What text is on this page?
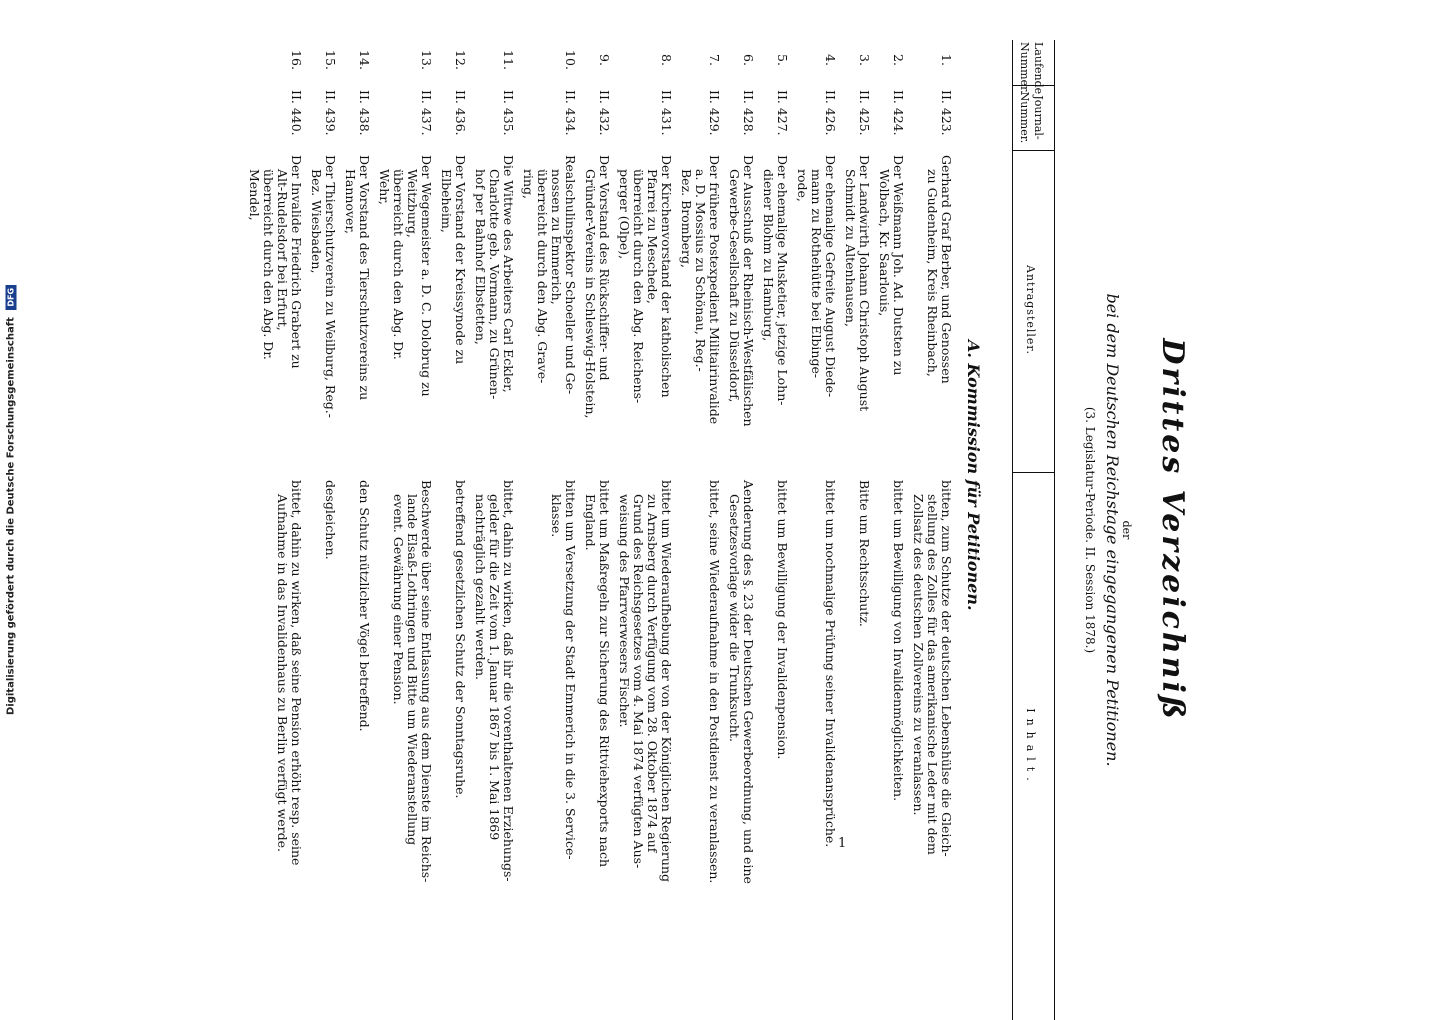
Digitalisierung gefördert durch die Deutsche Forschungsgemeinschaft DFG
1
Drittes Verzeichniß
der
bei dem Deutschen Reichstage eingegangenen Petitionen.
(3. Legislatur-Periode. II. Session 1878.)
Laufende
Nummer.
Journal-
Nummer.
Antragsteller.
Inhalt.
A. Kommission für Petitionen.
1.
II. 423.
Gerhard Graf Berber, und Genossen
zu Gudenheim, Kreis Rheinbach,
bitten, zum Schutze der deutschen Lebenshülse die Gleich-
stellung des Zolles für das amerikanische Leder mit dem
Zollsatz des deutschen Zollvereins zu veranlassen.
2.
II. 424.
Der Weißmann Joh. Ad. Dutsten zu
Wolbach, Kr. Saarlouis,
bittet um Bewilligung von Invalidenmöglichkeiten.
3.
II. 425.
Der Landwirth Johann Christoph August
Schmidt zu Altenhausen,
Bitte um Rechtsschutz.
4.
II. 426.
Der ehemalige Gefreite August Diede-
mann zu Rothehütte bei Elbinge-
rode,
bittet um nochmalige Prüfung seiner Invalidenansprüche.
5.
II. 427.
Der ehemalige Musketier, jetzige Lohn-
diener Blohm zu Hamburg,
bittet um Bewilligung der Invalidenpension.
6.
II. 428.
Der Ausschuß der Rheinisch-Westfälischen
Gewerbe-Gesellschaft zu Düsseldorf,
Aenderung des §. 23 der Deutschen Gewerbeordnung, und eine
Gesetzesvorlage wider die Trunksucht.
7.
II. 429.
Der frühere Postexpedient Militairinvalide
a. D. Mossius zu Schönau, Reg.-
Bez. Bromberg,
bittet, seine Wiederaufnahme in den Postdienst zu veranlassen.
8.
II. 431.
Der Kirchenvorstand der katholischen
Pfarrei zu Meschede,
überreicht durch den Abg. Reichens-
perger (Olpe),
bittet um Wiederaufhebung der von der Königlichen Regierung
zu Arnsberg durch Verfügung vom 28. Oktober 1874 auf
Grund des Reichsgesetzes vom 4. Mai 1874 verfügten Aus-
weisung des Pfarrverwesers Fischer.
9.
II. 432.
Der Vorstand des Rückschiffer- und
Gründer-Vereins in Schleswig-Holstein,
bittet um Maßregeln zur Sicherung des Rittviehexports nach
England.
10.
II. 434.
Realschulinspektor Schoeller und Ge-
nossen zu Emmerich,
überreicht durch den Abg. Grave-
ring,
bitten um Versetzung der Stadt Emmerich in die 3. Service-
klasse.
11.
II. 435.
Die Wittwe des Arbeiters Carl Eckler,
Charlotte geb. Vormann, zu Grünen-
hof per Bahnhof Elbstetten,
bittet, dahin zu wirken, daß ihr die vorenthaltenen Erziehungs-
gelder für die Zeit vom 1. Januar 1867 bis 1. Mai 1869
nachträglich gezahlt werden.
12.
II. 436.
Der Vorstand der Kreissynode zu
Elbeheim,
betreffend gesetzlichen Schutz der Sonntagsruhe.
13.
II. 437.
Der Wegemeister a. D. C. Dolobrug zu
Weitzburg,
überreicht durch den Abg. Dr.
Wehr,
Beschwerde über seine Entlassung aus dem Dienste im Reichs-
lande Elsaß-Lothringen und Bitte um Wiederanstellung
event. Gewährung einer Pension.
14.
II. 438.
Der Vorstand des Tierschutzvereins zu
Hannover,
den Schutz nützlicher Vögel betreffend.
15.
II. 439.
Der Thierschutzverein zu Weilburg, Reg.-
Bez. Wiesbaden,
desgleichen.
16.
II. 440.
Der Invalide Friedrich Grabert zu
Alt-Rudelsdorf bei Erfurt,
überreicht durch den Abg. Dr.
Mendel,
bittet, dahin zu wirken, daß seine Pension erhöht resp. seine
Aufnahme in das Invalidenhaus zu Berlin verfügt werde.
